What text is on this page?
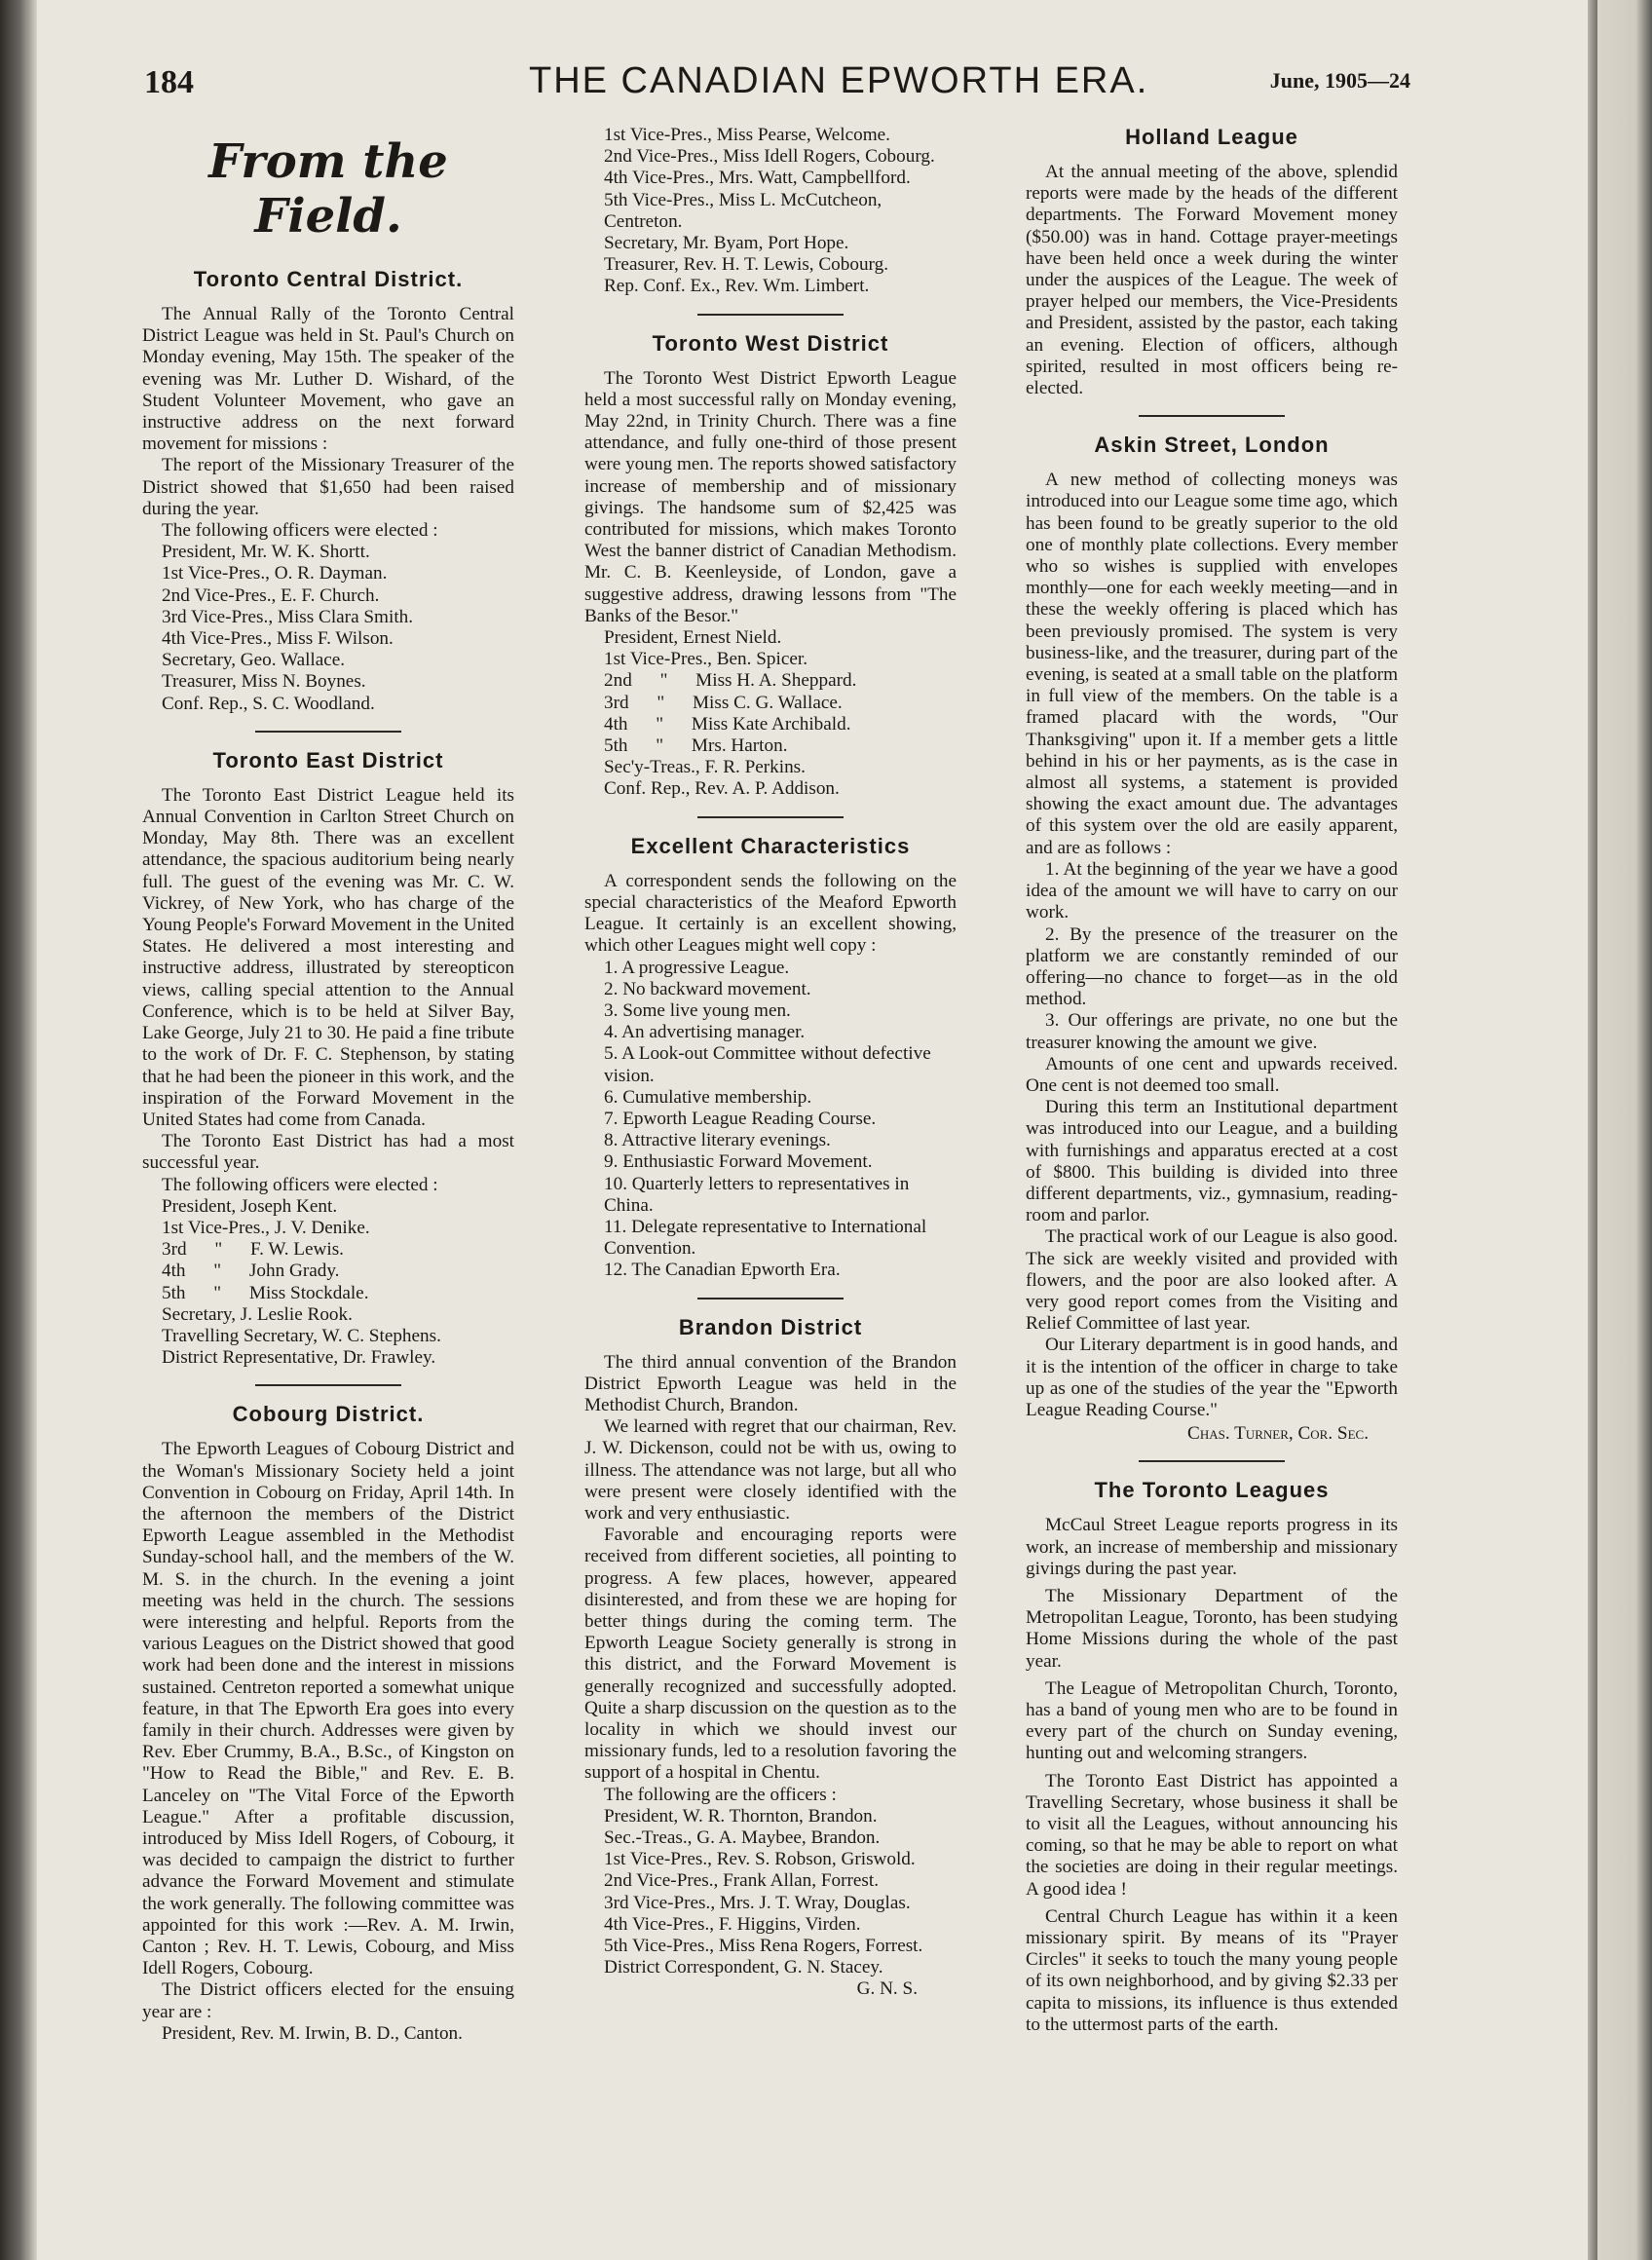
184	THE CANADIAN EPWORTH ERA.	June, 1905—24
From the Field.
Toronto Central District.

The Annual Rally of the Toronto Central District League was held in St. Paul's Church on Monday evening, May 15th. The speaker of the evening was Mr. Luther D. Wishard, of the Student Volunteer Movement, who gave an instructive address on the next forward movement for missions :

The report of the Missionary Treasurer of the District showed that $1,650 had been raised during the year.

The following officers were elected :

President, Mr. W. K. Shortt.

1st Vice-Pres., O. R. Dayman.

2nd Vice-Pres., E. F. Church.

3rd Vice-Pres., Miss Clara Smith.

4th Vice-Pres., Miss F. Wilson.

Secretary, Geo. Wallace.

Treasurer, Miss N. Boynes.

Conf. Rep., S. C. Woodland.

Toronto East District

The Toronto East District League held its Annual Convention in Carlton Street Church on Monday, May 8th. There was an excellent attendance, the spacious auditorium being nearly full. The guest of the evening was Mr. C. W. Vickrey, of New York, who has charge of the Young People's Forward Movement in the United States. He delivered a most interesting and instructive address, illustrated by stereopticon views, calling special attention to the Annual Conference, which is to be held at Silver Bay, Lake George, July 21 to 30. He paid a fine tribute to the work of Dr. F. C. Stephenson, by stating that he had been the pioneer in this work, and the inspiration of the Forward Movement in the United States had come from Canada.

The Toronto East District has had a most successful year.

The following officers were elected :

President, Joseph Kent.

1st Vice-Pres., J. V. Denike.

3rd      "      F. W. Lewis.

4th      "      John Grady.

5th      "      Miss Stockdale.

Secretary, J. Leslie Rook.

Travelling Secretary, W. C. Stephens.

District Representative, Dr. Frawley.

Cobourg District.

The Epworth Leagues of Cobourg District and the Woman's Missionary Society held a joint Convention in Cobourg on Friday, April 14th. In the afternoon the members of the District Epworth League assembled in the Methodist Sunday-school hall, and the members of the W. M. S. in the church. In the evening a joint meeting was held in the church. The sessions were interesting and helpful. Reports from the various Leagues on the District showed that good work had been done and the interest in missions sustained. Centreton reported a somewhat unique feature, in that The Epworth Era goes into every family in their church. Addresses were given by Rev. Eber Crummy, B.A., B.Sc., of Kingston on "How to Read the Bible," and Rev. E. B. Lanceley on "The Vital Force of the Epworth League." After a profitable discussion, introduced by Miss Idell Rogers, of Cobourg, it was decided to campaign the district to further advance the Forward Movement and stimulate the work generally. The following committee was appointed for this work :—Rev. A. M. Irwin, Canton ; Rev. H. T. Lewis, Cobourg, and Miss Idell Rogers, Cobourg.

The District officers elected for the ensuing year are :

President, Rev. M. Irwin, B. D., Canton.

1st Vice-Pres., Miss Pearse, Welcome.

2nd Vice-Pres., Miss Idell Rogers, Cobourg.

4th Vice-Pres., Mrs. Watt, Campbellford.

5th Vice-Pres., Miss L. McCutcheon, Centreton.

Secretary, Mr. Byam, Port Hope.

Treasurer, Rev. H. T. Lewis, Cobourg.

Rep. Conf. Ex., Rev. Wm. Limbert.

Toronto West District

The Toronto West District Epworth League held a most successful rally on Monday evening, May 22nd, in Trinity Church. There was a fine attendance, and fully one-third of those present were young men. The reports showed satisfactory increase of membership and of missionary givings. The handsome sum of $2,425 was contributed for missions, which makes Toronto West the banner district of Canadian Methodism. Mr. C. B. Keenleyside, of London, gave a suggestive address, drawing lessons from "The Banks of the Besor."

President, Ernest Nield.

1st Vice-Pres., Ben. Spicer.

2nd      "      Miss H. A. Sheppard.

3rd      "      Miss C. G. Wallace.

4th      "      Miss Kate Archibald.

5th      "      Mrs. Harton.

Sec'y-Treas., F. R. Perkins.

Conf. Rep., Rev. A. P. Addison.

Excellent Characteristics

A correspondent sends the following on the special characteristics of the Meaford Epworth League. It certainly is an excellent showing, which other Leagues might well copy :

1. A progressive League.

2. No backward movement.

3. Some live young men.

4. An advertising manager.

5. A Look-out Committee without defective vision.

6. Cumulative membership.

7. Epworth League Reading Course.

8. Attractive literary evenings.

9. Enthusiastic Forward Movement.

10. Quarterly letters to representatives in China.

11. Delegate representative to International Convention.

12. The Canadian Epworth Era.

Brandon District

The third annual convention of the Brandon District Epworth League was held in the Methodist Church, Brandon.

We learned with regret that our chairman, Rev. J. W. Dickenson, could not be with us, owing to illness. The attendance was not large, but all who were present were closely identified with the work and very enthusiastic.

Favorable and encouraging reports were received from different societies, all pointing to progress. A few places, however, appeared disinterested, and from these we are hoping for better things during the coming term. The Epworth League Society generally is strong in this district, and the Forward Movement is generally recognized and successfully adopted. Quite a sharp discussion on the question as to the locality in which we should invest our missionary funds, led to a resolution favoring the support of a hospital in Chentu.

The following are the officers :

President, W. R. Thornton, Brandon.

Sec.-Treas., G. A. Maybee, Brandon.

1st Vice-Pres., Rev. S. Robson, Griswold.

2nd Vice-Pres., Frank Allan, Forrest.

3rd Vice-Pres., Mrs. J. T. Wray, Douglas.

4th Vice-Pres., F. Higgins, Virden.

5th Vice-Pres., Miss Rena Rogers, Forrest.

District Correspondent, G. N. Stacey.

G. N. S.
Holland League

At the annual meeting of the above, splendid reports were made by the heads of the different departments. The Forward Movement money ($50.00) was in hand. Cottage prayer-meetings have been held once a week during the winter under the auspices of the League. The week of prayer helped our members, the Vice-Presidents and President, assisted by the pastor, each taking an evening. Election of officers, although spirited, resulted in most officers being re-elected.

Askin Street, London

A new method of collecting moneys was introduced into our League some time ago, which has been found to be greatly superior to the old one of monthly plate collections. Every member who so wishes is supplied with envelopes monthly—one for each weekly meeting—and in these the weekly offering is placed which has been previously promised. The system is very business-like, and the treasurer, during part of the evening, is seated at a small table on the platform in full view of the members. On the table is a framed placard with the words, "Our Thanksgiving" upon it. If a member gets a little behind in his or her payments, as is the case in almost all systems, a statement is provided showing the exact amount due. The advantages of this system over the old are easily apparent, and are as follows :

1. At the beginning of the year we have a good idea of the amount we will have to carry on our work.

2. By the presence of the treasurer on the platform we are constantly reminded of our offering—no chance to forget—as in the old method.

3. Our offerings are private, no one but the treasurer knowing the amount we give.

Amounts of one cent and upwards received. One cent is not deemed too small.

During this term an Institutional department was introduced into our League, and a building with furnishings and apparatus erected at a cost of $800. This building is divided into three different departments, viz., gymnasium, reading-room and parlor.

The practical work of our League is also good. The sick are weekly visited and provided with flowers, and the poor are also looked after. A very good report comes from the Visiting and Relief Committee of last year.

Our Literary department is in good hands, and it is the intention of the officer in charge to take up as one of the studies of the year the "Epworth League Reading Course."

Chas. Turner, Cor. Sec.
The Toronto Leagues

McCaul Street League reports progress in its work, an increase of membership and missionary givings during the past year.

The Missionary Department of the Metropolitan League, Toronto, has been studying Home Missions during the whole of the past year.

The League of Metropolitan Church, Toronto, has a band of young men who are to be found in every part of the church on Sunday evening, hunting out and welcoming strangers.

The Toronto East District has appointed a Travelling Secretary, whose business it shall be to visit all the Leagues, without announcing his coming, so that he may be able to report on what the societies are doing in their regular meetings. A good idea !

Central Church League has within it a keen missionary spirit. By means of its "Prayer Circles" it seeks to touch the many young people of its own neighborhood, and by giving $2.33 per capita to missions, its influence is thus extended to the uttermost parts of the earth.
